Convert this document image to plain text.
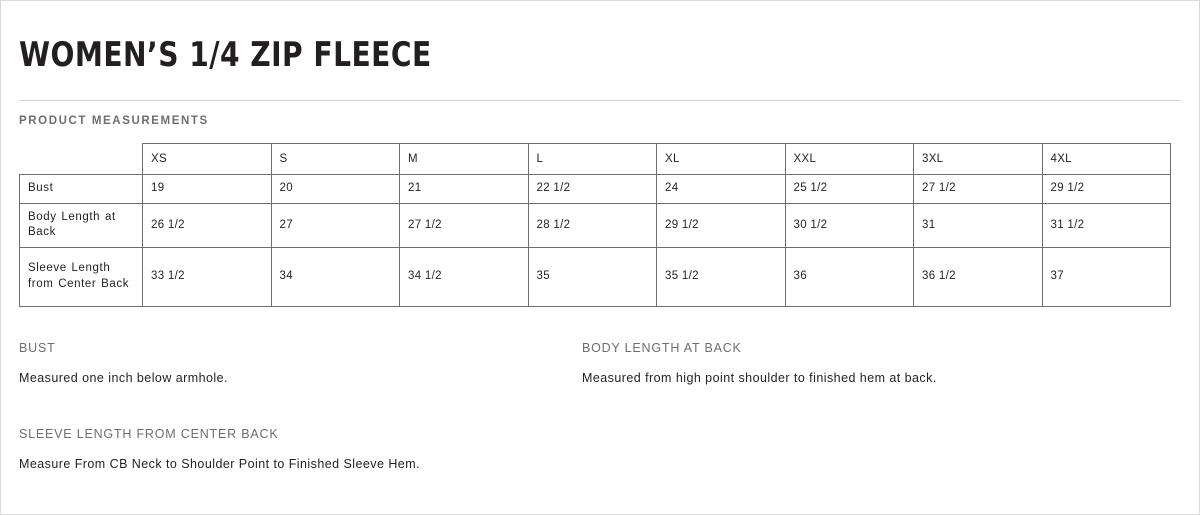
WOMEN’S 1/4 ZIP FLEECE
PRODUCT MEASUREMENTS
	XS	S	M	L	XL	XXL	3XL	4XL
Bust	19	20	21	22 1/2	24	25 1/2	27 1/2	29 1/2
Body Length at Back	26 1/2	27	27 1/2	28 1/2	29 1/2	30 1/2	31	31 1/2
Sleeve Length from Center Back	33 1/2	34	34 1/2	35	35 1/2	36	36 1/2	37
BUST
Measured one inch below armhole.
BODY LENGTH AT BACK
Measured from high point shoulder to finished hem at back.
SLEEVE LENGTH FROM CENTER BACK
Measure From CB Neck to Shoulder Point to Finished Sleeve Hem.
